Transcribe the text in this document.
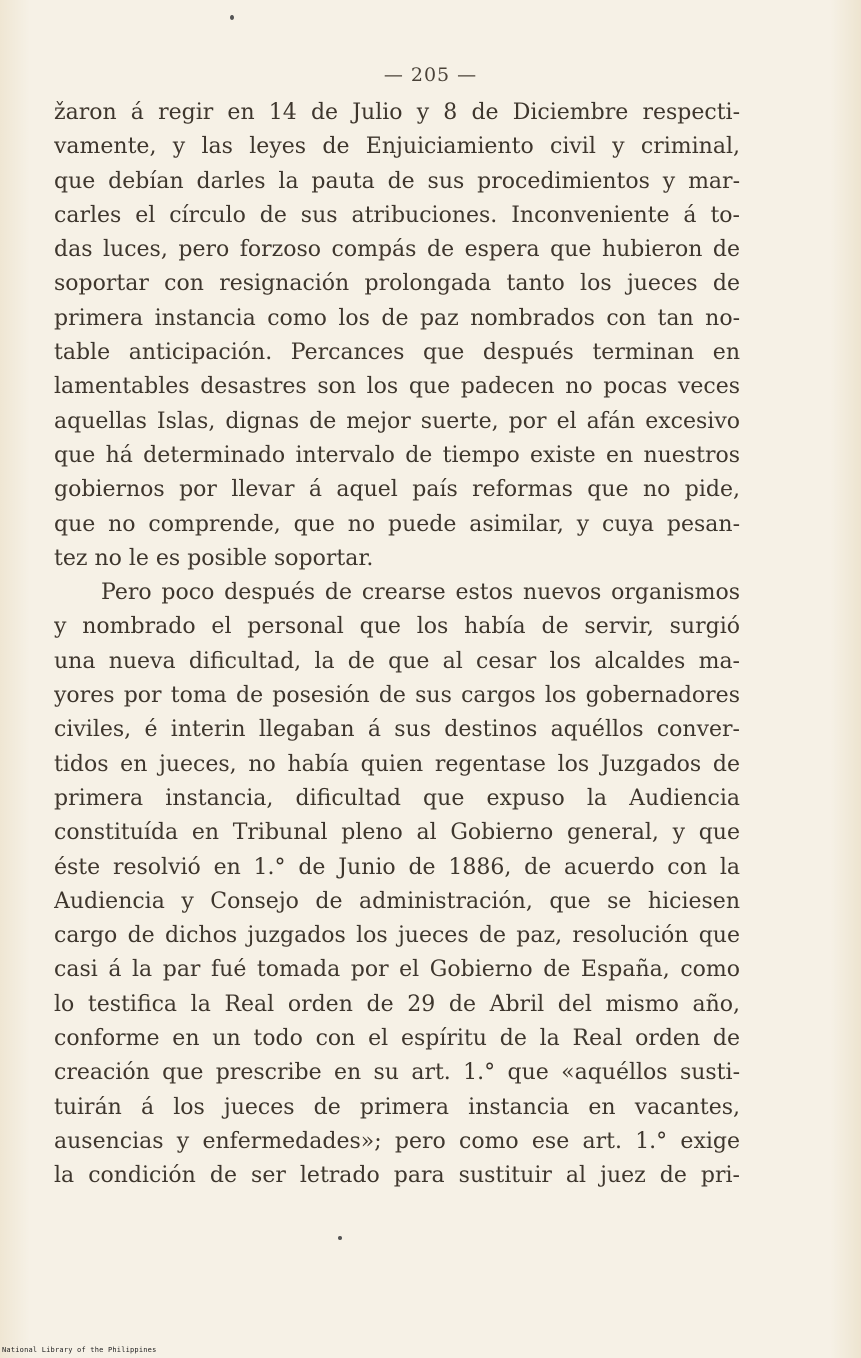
— 205 —
žaron á regir en 14 de Julio y 8 de Diciembre respecti-
vamente, y las leyes de Enjuiciamiento civil y criminal,
que debían darles la pauta de sus procedimientos y mar-
carles el círculo de sus atribuciones. Inconveniente á to-
das luces, pero forzoso compás de espera que hubieron de
soportar con resignación prolongada tanto los jueces de
primera instancia como los de paz nombrados con tan no-
table anticipación. Percances que después terminan en
lamentables desastres son los que padecen no pocas veces
aquellas Islas, dignas de mejor suerte, por el afán excesivo
que há determinado intervalo de tiempo existe en nuestros
gobiernos por llevar á aquel país reformas que no pide,
que no comprende, que no puede asimilar, y cuya pesan-
tez no le es posible soportar.
Pero poco después de crearse estos nuevos organismos
y nombrado el personal que los había de servir, surgió
una nueva dificultad, la de que al cesar los alcaldes ma-
yores por toma de posesión de sus cargos los gobernadores
civiles, é interin llegaban á sus destinos aquéllos conver-
tidos en jueces, no había quien regentase los Juzgados de
primera instancia, dificultad que expuso la Audiencia
constituída en Tribunal pleno al Gobierno general, y que
éste resolvió en 1.° de Junio de 1886, de acuerdo con la
Audiencia y Consejo de administración, que se hiciesen
cargo de dichos juzgados los jueces de paz, resolución que
casi á la par fué tomada por el Gobierno de España, como
lo testifica la Real orden de 29 de Abril del mismo año,
conforme en un todo con el espíritu de la Real orden de
creación que prescribe en su art. 1.° que «aquéllos susti-
tuirán á los jueces de primera instancia en vacantes,
ausencias y enfermedades»; pero como ese art. 1.° exige
la condición de ser letrado para sustituir al juez de pri-
National Library of the Philippines
